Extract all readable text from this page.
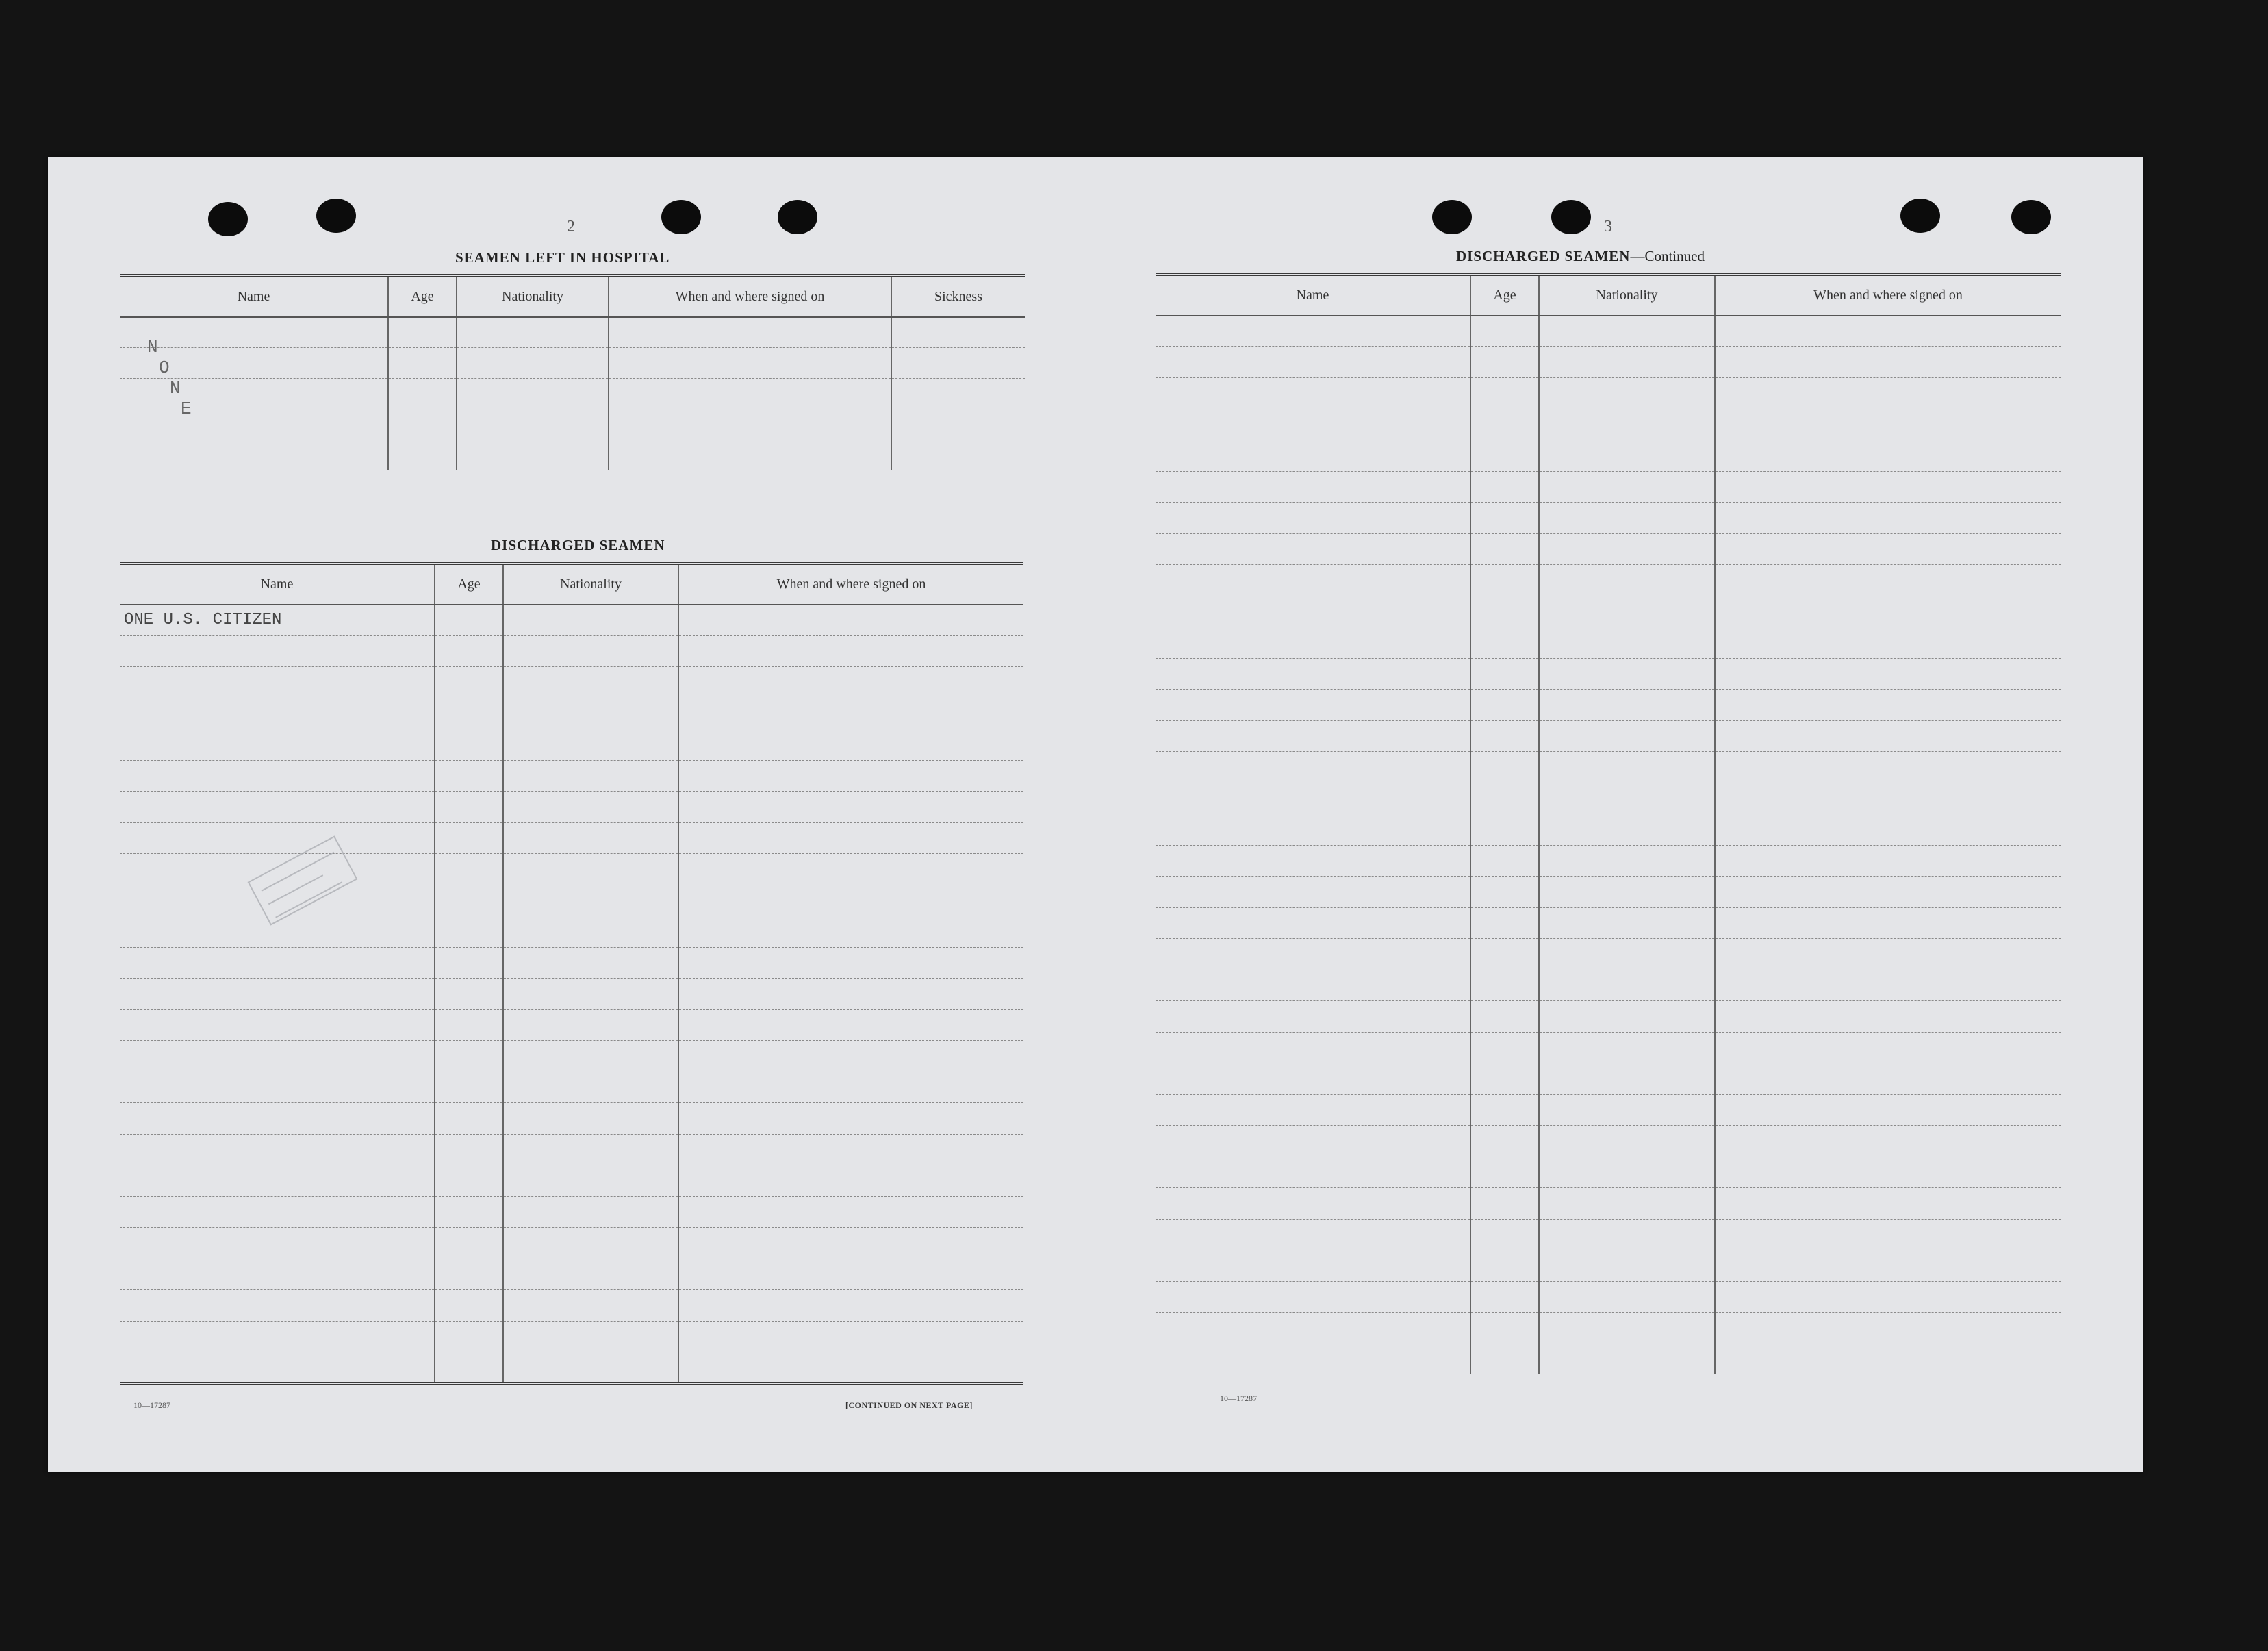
2
SEAMEN LEFT IN HOSPITAL
Name	Age	Nationality	When and where signed on	Sickness

N
O
N
E
DISCHARGED SEAMEN
Name	Age	Nationality	When and where signed on
ONE U.S. CITIZEN			

10—17287	[CONTINUED ON NEXT PAGE]
3
DISCHARGED SEAMEN—Continued
Name	Age	Nationality	When and where signed on

10—17287
